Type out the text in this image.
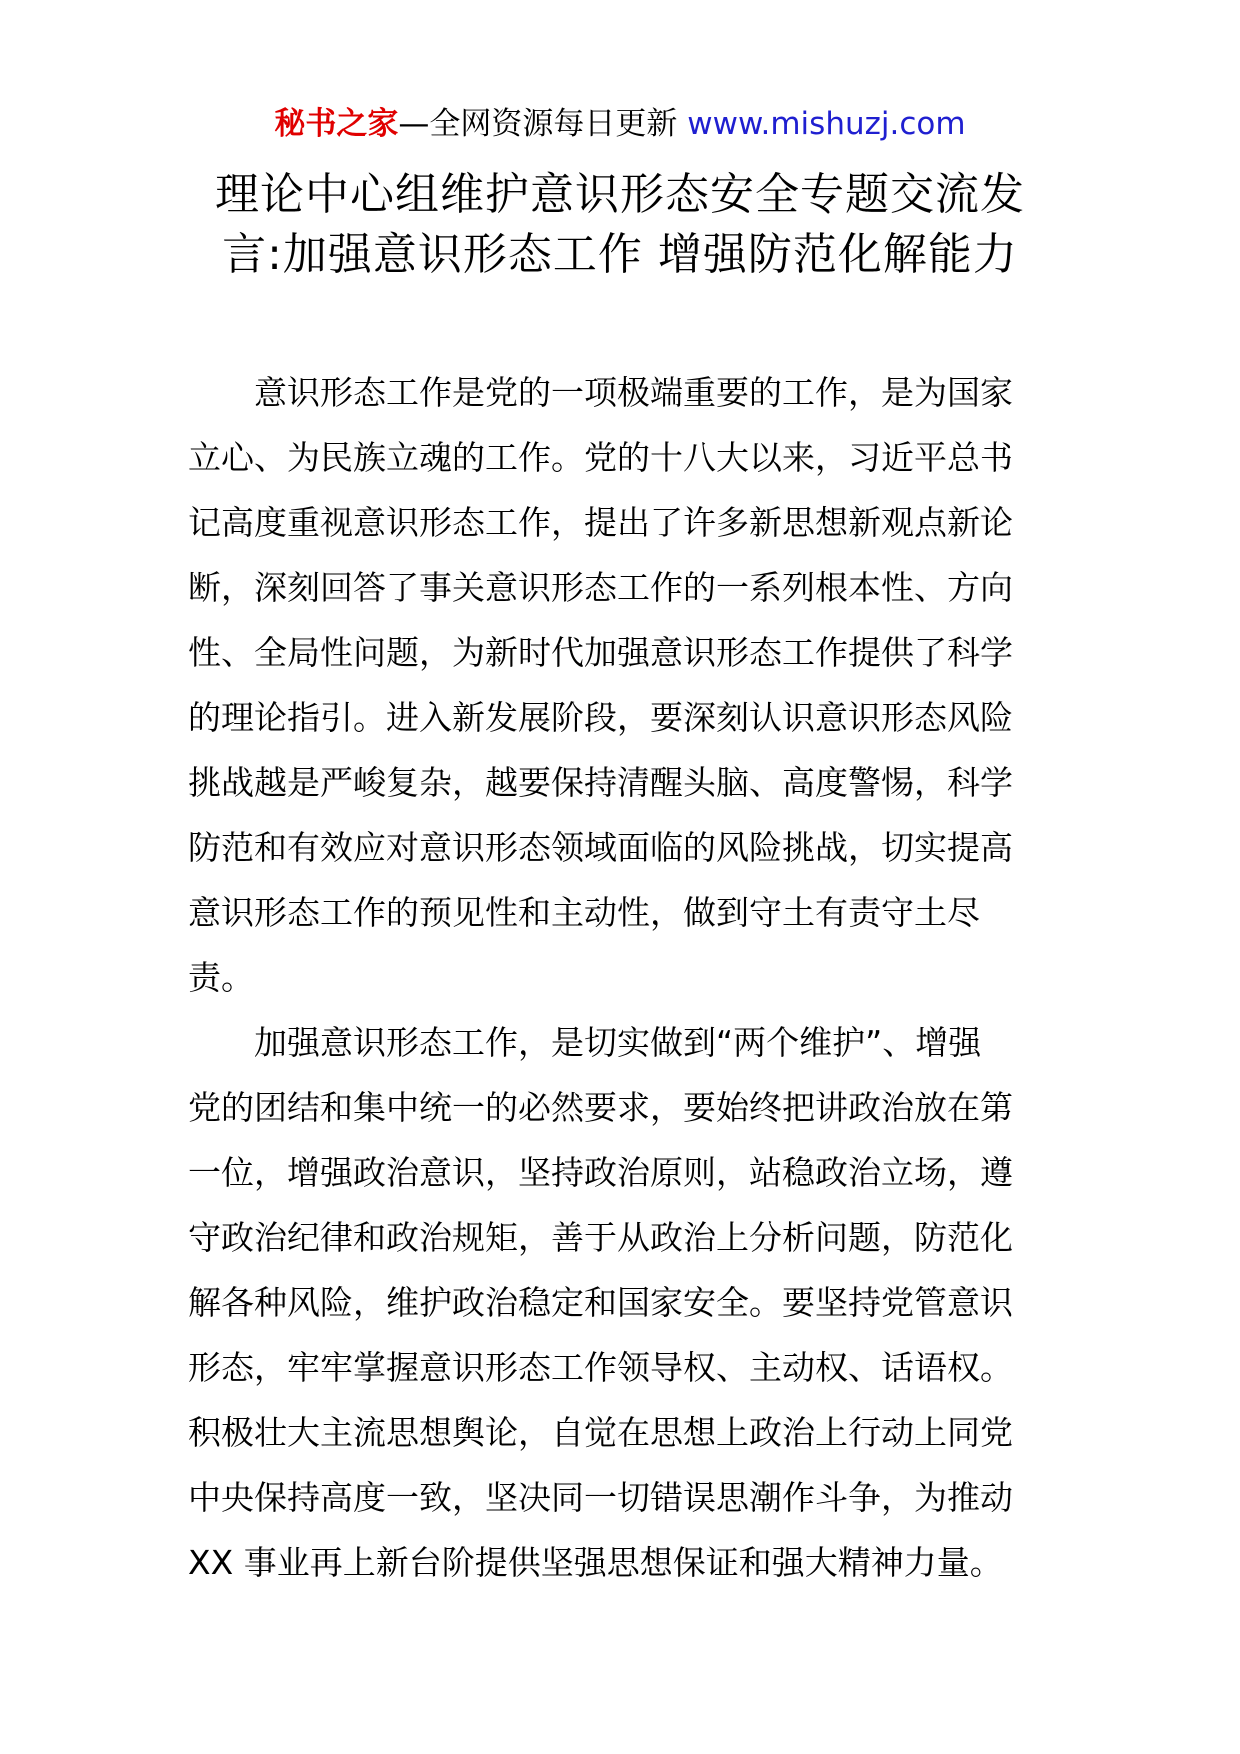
秘书之家—全网资源每日更新 www.mishuzj.com
理论中心组维护意识形态安全专题交流发
言:加强意识形态工作 增强防范化解能力

　　意识形态工作是党的一项极端重要的工作，是为国家
立心、为民族立魂的工作。党的十八大以来，习近平总书
记高度重视意识形态工作，提出了许多新思想新观点新论
断，深刻回答了事关意识形态工作的一系列根本性、方向
性、全局性问题，为新时代加强意识形态工作提供了科学
的理论指引。进入新发展阶段，要深刻认识意识形态风险
挑战越是严峻复杂，越要保持清醒头脑、高度警惕，科学
防范和有效应对意识形态领域面临的风险挑战，切实提高
意识形态工作的预见性和主动性，做到守土有责守土尽
责。

　　加强意识形态工作，是切实做到“两个维护”、增强
党的团结和集中统一的必然要求，要始终把讲政治放在第
一位，增强政治意识，坚持政治原则，站稳政治立场，遵
守政治纪律和政治规矩，善于从政治上分析问题，防范化
解各种风险，维护政治稳定和国家安全。要坚持党管意识
形态，牢牢掌握意识形态工作领导权、主动权、话语权。
积极壮大主流思想舆论，自觉在思想上政治上行动上同党
中央保持高度一致，坚决同一切错误思潮作斗争，为推动
XX 事业再上新台阶提供坚强思想保证和强大精神力量。
